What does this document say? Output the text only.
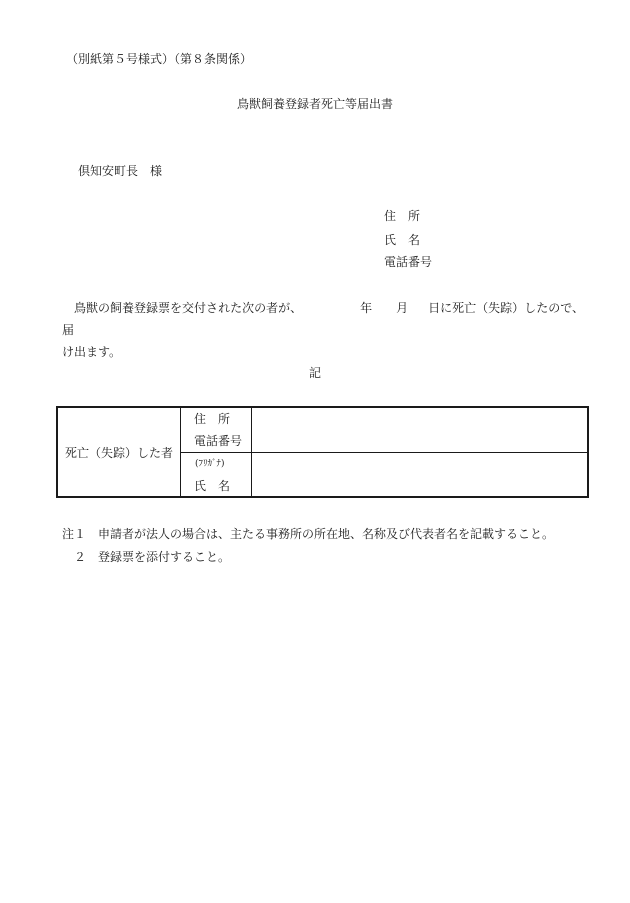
（別紙第５号様式）（第８条関係）
鳥獣飼養登録者死亡等届出書
倶知安町長　様
住　所
氏　名
電話番号
鳥獣の飼養登録票を交付された次の者が、	年 月 日に死亡（失踪）したので、届
け出ます。
記
死亡（失踪）した者
住　所
電話番号
(ﾌﾘｶﾞﾅ)
氏　名
注１ 申請者が法人の場合は、主たる事務所の所在地、名称及び代表者名を記載すること。
２ 登録票を添付すること。
